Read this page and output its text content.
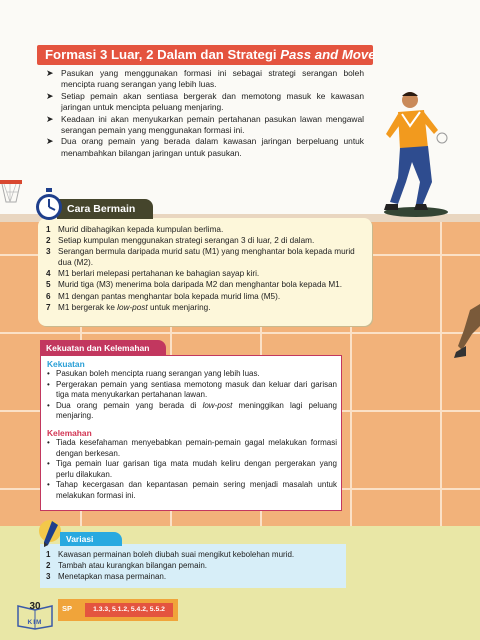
Formasi 3 Luar, 2 Dalam dan Strategi Pass and Move
➤ Pasukan yang menggunakan formasi ini sebagai strategi serangan boleh mencipta ruang serangan yang lebih luas.
➤ Setiap pemain akan sentiasa bergerak dan memotong masuk ke kawasan jaringan untuk mencipta peluang menjaring.
➤ Keadaan ini akan menyukarkan pemain pertahanan pasukan lawan mengawal serangan pemain yang menggunakan formasi ini.
➤ Dua orang pemain yang berada dalam kawasan jaringan berpeluang untuk menambahkan bilangan jaringan untuk pasukan.
Cara Bermain
1 Murid dibahagikan kepada kumpulan berlima.
2 Setiap kumpulan menggunakan strategi serangan 3 di luar, 2 di dalam.
3 Serangan bermula daripada murid satu (M1) yang menghantar bola kepada murid dua (M2).
4 M1 berlari melepasi pertahanan ke bahagian sayap kiri.
5 Murid tiga (M3) menerima bola daripada M2 dan menghantar bola kepada M1.
6 M1 dengan pantas menghantar bola kepada murid lima (M5).
7 M1 bergerak ke low-post untuk menjaring.
Kekuatan dan Kelemahan
Kekuatan
• Pasukan boleh mencipta ruang serangan yang lebih luas.
• Pergerakan pemain yang sentiasa memotong masuk dan keluar dari garisan tiga mata menyukarkan pertahanan lawan.
• Dua orang pemain yang berada di low-post meninggikan lagi peluang menjaring.
Kelemahan
• Tiada kesefahaman menyebabkan pemain-pemain gagal melakukan formasi dengan berkesan.
• Tiga pemain luar garisan tiga mata mudah keliru dengan pergerakan yang perlu dilakukan.
• Tahap kecergasan dan kepantasan pemain sering menjadi masalah untuk melakukan formasi ini.
Variasi
1 Kawasan permainan boleh diubah suai mengikut kebolehan murid.
2 Tambah atau kurangkan bilangan pemain.
3 Menetapkan masa permainan.
30
KIM
SP	1.3.3, 5.1.2, 5.4.2, 5.5.2
